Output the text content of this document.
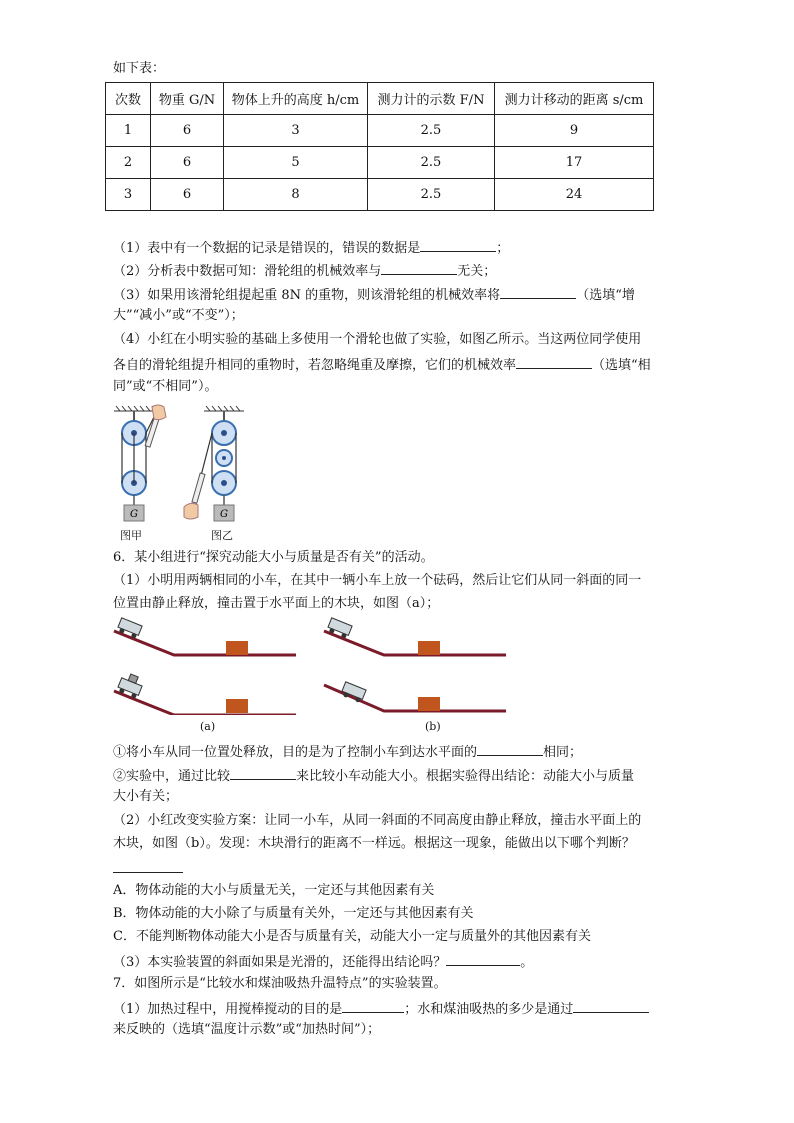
如下表：
次数	物重 G/N	物体上升的高度 h/cm	测力计的示数 F/N	测力计移动的距离 s/cm
1	6	3	2.5	9
2	6	5	2.5	17
3	6	8	2.5	24
（1）表中有一个数据的记录是错误的，错误的数据是	；
（2）分析表中数据可知：滑轮组的机械效率与	无关；
（3）如果用该滑轮组提起重 8N 的重物，则该滑轮组的机械效率将	（选填“增
大”“减小”或“不变”）；
（4）小红在小明实验的基础上多使用一个滑轮也做了实验，如图乙所示。当这两位同学使用
各自的滑轮组提升相同的重物时，若忽略绳重及摩擦，它们的机械效率	（选填“相
同”或“不相同”）。
G	G
图甲	图乙
6．某小组进行“探究动能大小与质量是否有关”的活动。
（1）小明用两辆相同的小车，在其中一辆小车上放一个砝码，然后让它们从同一斜面的同一
位置由静止释放，撞击置于水平面上的木块，如图（a）；
(a)	(b)
①将小车从同一位置处释放，目的是为了控制小车到达水平面的	相同；
②实验中，通过比较	来比较小车动能大小。根据实验得出结论：动能大小与质量
大小有关；
（2）小红改变实验方案：让同一小车，从同一斜面的不同高度由静止释放，撞击水平面上的
木块，如图（b）。发现：木块滑行的距离不一样远。根据这一现象，能做出以下哪个判断？
A．物体动能的大小与质量无关，一定还与其他因素有关
B．物体动能的大小除了与质量有关外，一定还与其他因素有关
C．不能判断物体动能大小是否与质量有关，动能大小一定与质量外的其他因素有关
（3）本实验装置的斜面如果是光滑的，还能得出结论吗？	。
7．如图所示是“比较水和煤油吸热升温特点”的实验装置。
（1）加热过程中，用搅棒搅动的目的是	；水和煤油吸热的多少是通过
来反映的（选填“温度计示数”或“加热时间”）；
